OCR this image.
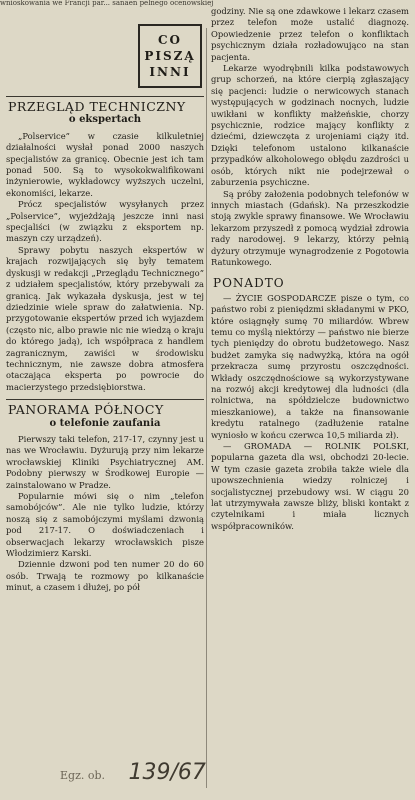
wnioskowania we Francji par... sanaen pelnego ocenowskiej
CO
PISZĄ
INNI
PRZEGLĄD TECHNICZNY
o ekspertach

„Polservice” w czasie kilkuletniej działalności wysłał ponad 2000 naszych specjalistów za granicę. Obecnie jest ich tam ponad 500. Są to wysokokwalifikowani inżynierowie, wykładowcy wyższych uczelni, ekonomiści, lekarze.

Prócz specjalistów wysyłanych przez „Polservice”, wyjeżdżają jeszcze inni nasi specjaliści (w związku z eksportem np. maszyn czy urządzeń).

Sprawy pobytu naszych ekspertów w krajach rozwijających się były tematem dyskusji w redakcji „Przeglądu Technicznego” z udziałem specjalistów, który przebywali za granicą. Jak wykazała dyskusja, jest w tej dziedzinie wiele spraw do załatwienia. Np. przygotowanie ekspertów przed ich wyjazdem (często nic, albo prawie nic nie wiedzą o kraju do którego jadą), ich współpraca z handlem zagranicznym, zawiści w środowisku technicznym, nie zawsze dobra atmosfera otaczająca eksperta po powrocie do macierzystego przedsiębiorstwa.

PANORAMA PÓŁNOCY
o telefonie zaufania

Pierwszy taki telefon, 217-17, czynny jest u nas we Wrocławiu. Dyżurują przy nim lekarze wrocławskiej Kliniki Psychiatrycznej AM. Podobny pierwszy w Środkowej Europie — zainstalowano w Pradze.

Popularnie mówi się o nim „telefon samobójców”. Ale nie tylko ludzie, którzy noszą się z samobójczymi myślami dzwonią pod 217-17. O doświadczeniach i obserwacjach lekarzy wrocławskich pisze Włodzimierz Karski.

Dziennie dzwoni pod ten numer 20 do 60 osób. Trwają te rozmowy po kilkanaście minut, a czasem i dłużej, po pół

godziny. Nie są one zdawkowe i lekarz czasem przez telefon może ustalić diagnozę. Opowiedzenie przez telefon o konfliktach psychicznym działa rozładowująco na stan pacjenta.

Lekarze wyodrębnili kilka podstawowych grup schorzeń, na które cierpią zgłaszający się pacjenci: ludzie o nerwicowych stanach występujących w godzinach nocnych, ludzie uwikłani w konflikty małżeńskie, chorzy psychicznie, rodzice mający konflikty z dziećmi, dziewczęta z urojeniami ciąży itd. Dzięki telefonom ustalono kilkanaście przypadków alkoholowego obłędu zazdrości u osób, których nikt nie podejrzewał o zaburzenia psychiczne.

Są próby założenia podobnych telefonów w innych miastach (Gdańsk). Na przeszkodzie stoją zwykle sprawy finansowe. We Wrocławiu lekarzom przyszedł z pomocą wydział zdrowia rady narodowej. 9 lekarzy, którzy pełnią dyżury otrzymuje wynagrodzenie z Pogotowia Ratunkowego.

PONADTO

— ŻYCIE GOSPODARCZE pisze o tym, co państwo robi z pieniędzmi składanymi w PKO, które osiągnęły sumę 70 miliardów. Wbrew temu co myślą niektórzy — państwo nie bierze tych pieniędzy do obrotu budżetowego. Nasz budżet zamyka się nadwyżką, która na ogół przekracza sumę przyrostu oszczędności. Wkłady oszczędnościowe są wykorzystywane na rozwój akcji kredytowej dla ludności (dla rolnictwa, na spółdzielcze budownictwo mieszkaniowe), a także na finansowanie kredytu ratalnego (zadłużenie ratalne wyniosło w końcu czerwca 10,5 miliarda zł).

— GROMADA — ROLNIK POLSKI, popularna gazeta dla wsi, obchodzi 20-lecie. W tym czasie gazeta zrobiła także wiele dla upowszechnienia wiedzy rolniczej i socjalistycznej przebudowy wsi. W ciągu 20 lat utrzymywała zawsze bliży, bliski kontakt z czytelnikami i miała licznych współpracowników.

Egz. ob. 139/67
